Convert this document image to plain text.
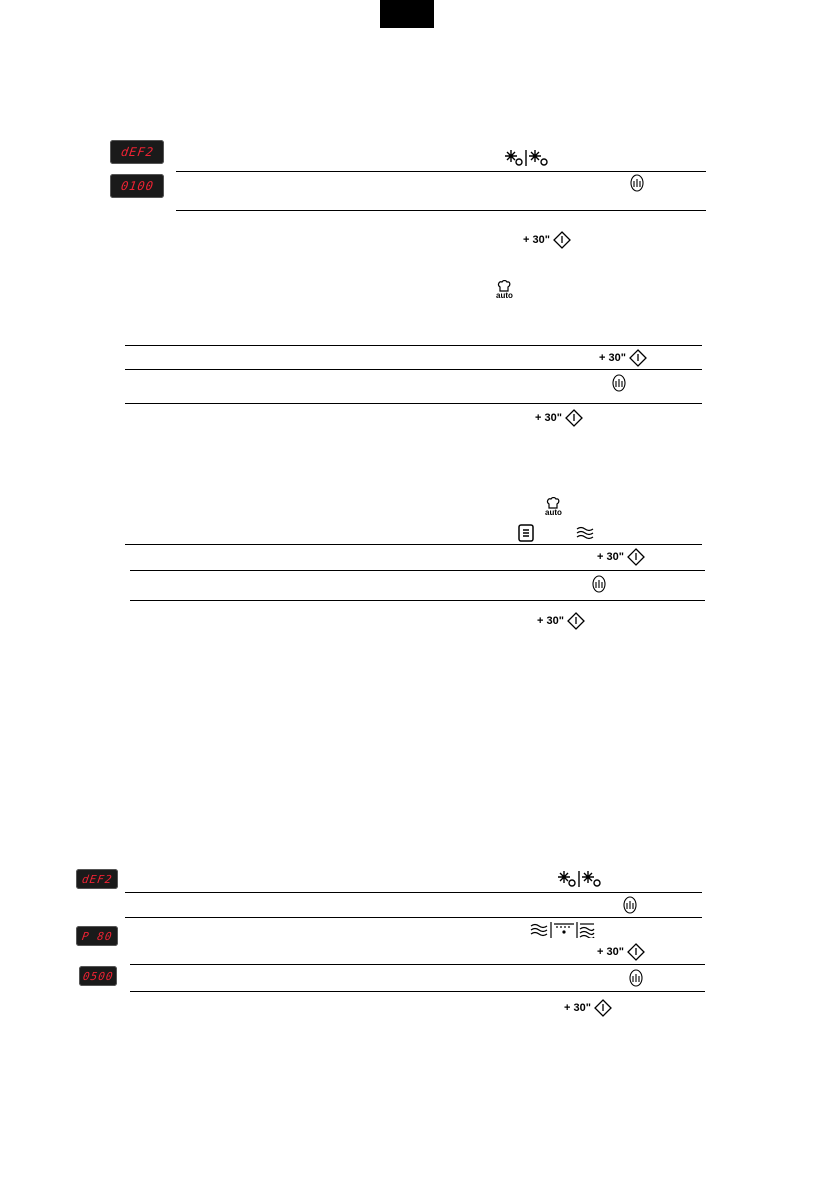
dEF2
0100
+ 30"
auto
+ 30"
+ 30"
auto
+ 30"
+ 30"
dEF2
P 80
+ 30"
0500
+ 30"
